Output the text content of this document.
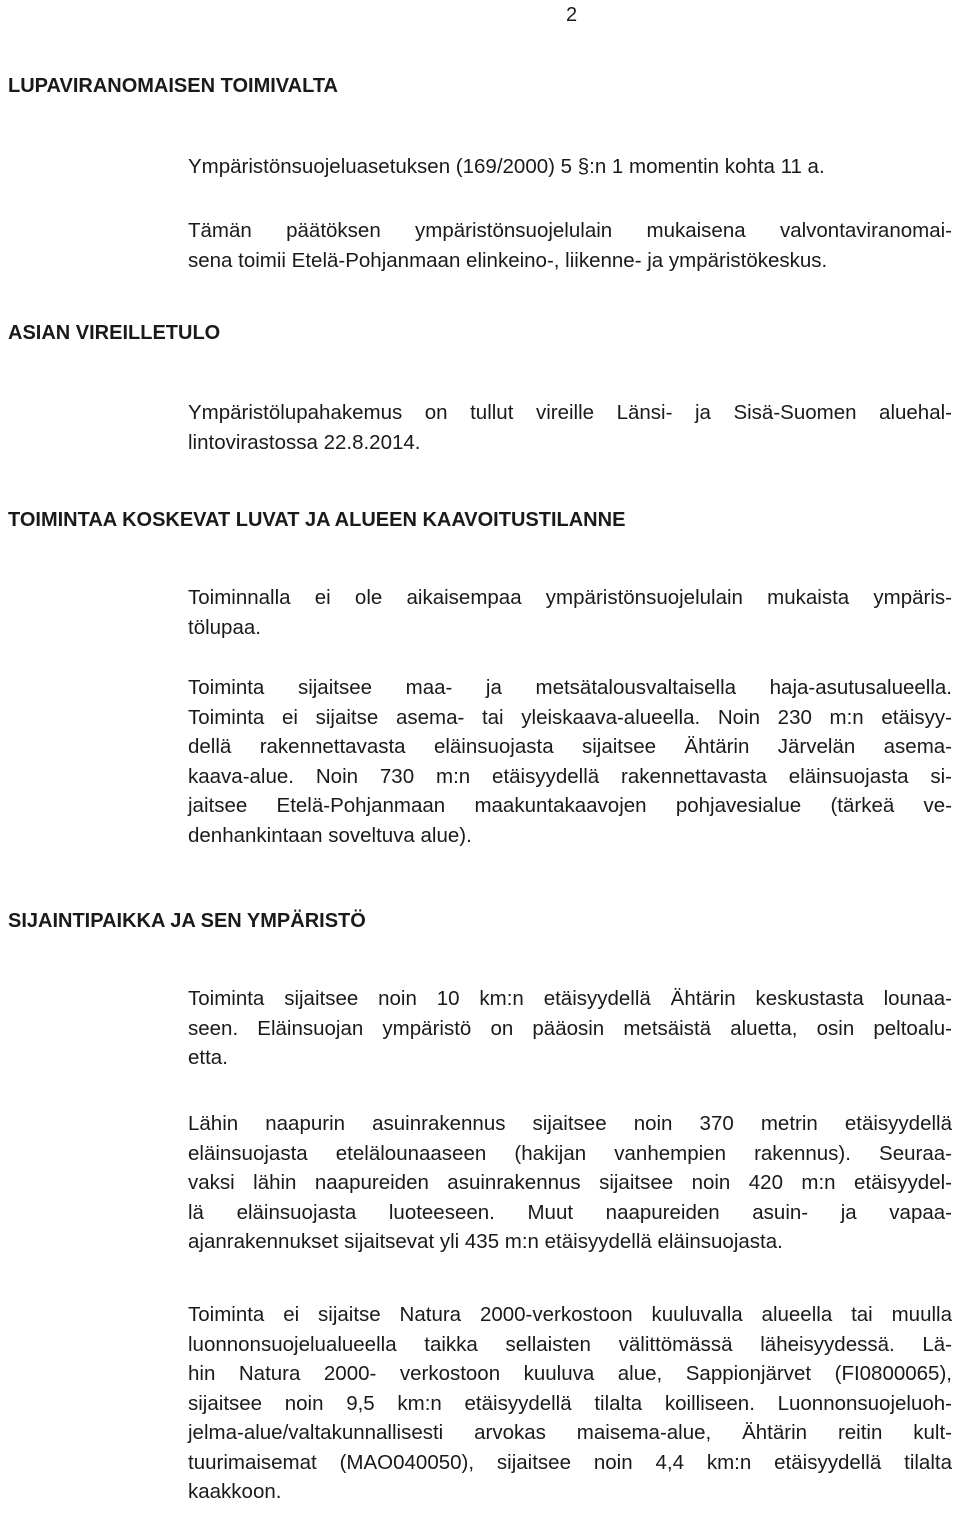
2
LUPAVIRANOMAISEN TOIMIVALTA
Ympäristönsuojeluasetuksen (169/2000) 5 §:n 1 momentin kohta 11 a.
Tämän päätöksen ympäristönsuojelulain mukaisena valvontaviranomai-
sena toimii Etelä-Pohjanmaan elinkeino-, liikenne- ja ympäristökeskus.
ASIAN VIREILLETULO
Ympäristölupahakemus on tullut vireille Länsi- ja Sisä-Suomen aluehal-
lintovirastossa 22.8.2014.
TOIMINTAA KOSKEVAT LUVAT JA ALUEEN KAAVOITUSTILANNE
Toiminnalla ei ole aikaisempaa ympäristönsuojelulain mukaista ympäris-
tölupaa.
Toiminta sijaitsee maa- ja metsätalousvaltaisella haja-asutusalueella.
Toiminta ei sijaitse asema- tai yleiskaava-alueella. Noin 230 m:n etäisyy-
dellä rakennettavasta eläinsuojasta sijaitsee Ähtärin Järvelän asema-
kaava-alue. Noin 730 m:n etäisyydellä rakennettavasta eläinsuojasta si-
jaitsee Etelä-Pohjanmaan maakuntakaavojen pohjavesialue (tärkeä ve-
denhankintaan soveltuva alue).
SIJAINTIPAIKKA JA SEN YMPÄRISTÖ
Toiminta sijaitsee noin 10 km:n etäisyydellä Ähtärin keskustasta lounaa-
seen. Eläinsuojan ympäristö on pääosin metsäistä aluetta, osin peltoalu-
etta.
Lähin naapurin asuinrakennus sijaitsee noin 370 metrin etäisyydellä
eläinsuojasta etelälounaaseen (hakijan vanhempien rakennus). Seuraa-
vaksi lähin naapureiden asuinrakennus sijaitsee noin 420 m:n etäisyydel-
lä eläinsuojasta luoteeseen. Muut naapureiden asuin- ja vapaa-
ajanrakennukset sijaitsevat yli 435 m:n etäisyydellä eläinsuojasta.
Toiminta ei sijaitse Natura 2000-verkostoon kuuluvalla alueella tai muulla
luonnonsuojelualueella taikka sellaisten välittömässä läheisyydessä. Lä-
hin Natura 2000- verkostoon kuuluva alue, Sappionjärvet (FI0800065),
sijaitsee noin 9,5 km:n etäisyydellä tilalta koilliseen. Luonnonsuojeluoh-
jelma-alue/valtakunnallisesti arvokas maisema-alue, Ähtärin reitin kult-
tuurimaisemat (MAO040050), sijaitsee noin 4,4 km:n etäisyydellä tilalta
kaakkoon.
